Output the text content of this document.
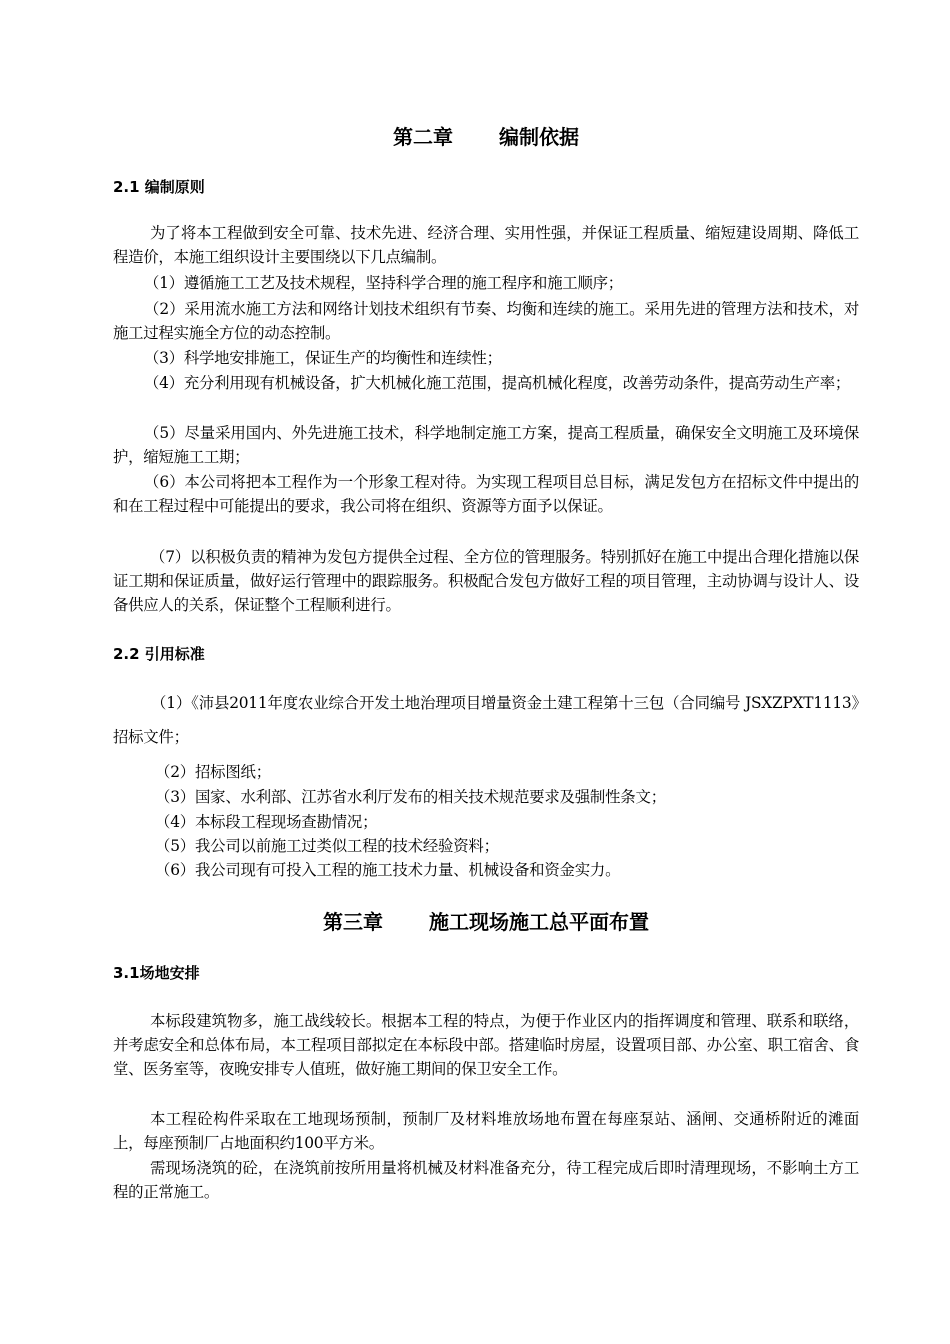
第二章 编制依据
2.1 编制原则

为了将本工程做到安全可靠、技术先进、经济合理、实用性强，并保证工程质量、缩短建设周期、降低工程造价，本施工组织设计主要围绕以下几点编制。

（1）遵循施工工艺及技术规程，坚持科学合理的施工程序和施工顺序；

（2）采用流水施工方法和网络计划技术组织有节奏、均衡和连续的施工。采用先进的管理方法和技术，对施工过程实施全方位的动态控制。

（3）科学地安排施工，保证生产的均衡性和连续性；

（4）充分利用现有机械设备，扩大机械化施工范围，提高机械化程度，改善劳动条件，提高劳动生产率；

（5）尽量采用国内、外先进施工技术，科学地制定施工方案，提高工程质量，确保安全文明施工及环境保护，缩短施工工期；

（6）本公司将把本工程作为一个形象工程对待。为实现工程项目总目标，满足发包方在招标文件中提出的和在工程过程中可能提出的要求，我公司将在组织、资源等方面予以保证。

（7）以积极负责的精神为发包方提供全过程、全方位的管理服务。特别抓好在施工中提出合理化措施以保证工期和保证质量，做好运行管理中的跟踪服务。积极配合发包方做好工程的项目管理，主动协调与设计人、设备供应人的关系，保证整个工程顺利进行。

2.2 引用标准

（1）《沛县2011年度农业综合开发土地治理项目增量资金土建工程第十三包（合同编号 JSXZPXT1113》招标文件；

（2）招标图纸；

（3）国家、水利部、江苏省水利厅发布的相关技术规范要求及强制性条文；

（4）本标段工程现场查勘情况；

（5）我公司以前施工过类似工程的技术经验资料；

（6）我公司现有可投入工程的施工技术力量、机械设备和资金实力。

第三章 施工现场施工总平面布置
3.1场地安排

本标段建筑物多，施工战线较长。根据本工程的特点，为便于作业区内的指挥调度和管理、联系和联络，并考虑安全和总体布局，本工程项目部拟定在本标段中部。搭建临时房屋，设置项目部、办公室、职工宿舍、食堂、医务室等，夜晚安排专人值班，做好施工期间的保卫安全工作。

本工程砼构件采取在工地现场预制，预制厂及材料堆放场地布置在每座泵站、涵闸、交通桥附近的滩面上，每座预制厂占地面积约100平方米。

需现场浇筑的砼，在浇筑前按所用量将机械及材料准备充分，待工程完成后即时清理现场，不影响土方工程的正常施工。
